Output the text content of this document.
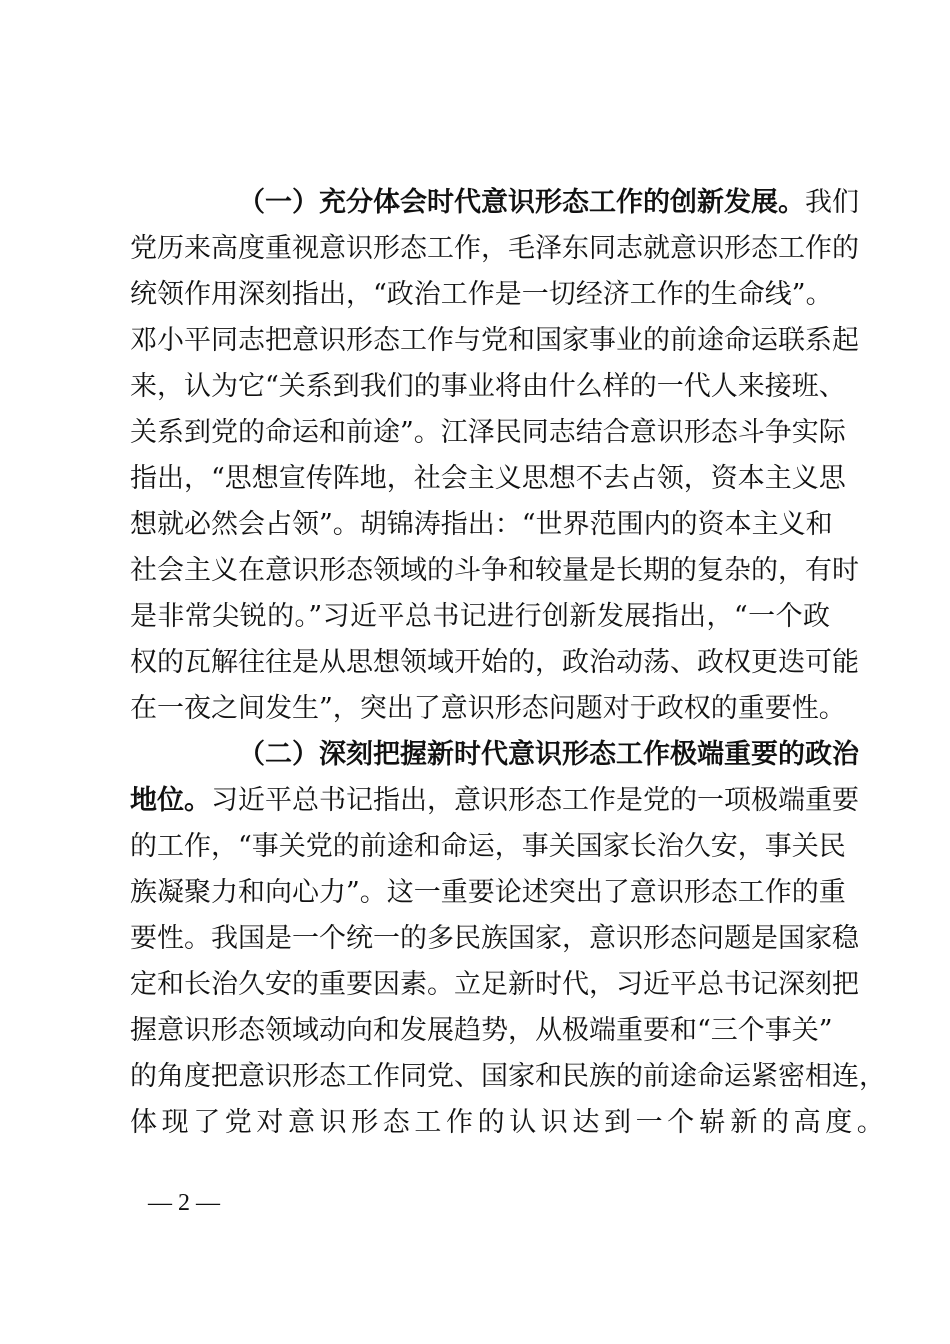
（一）充分体会时代意识形态工作的创新发展。我们
党历来高度重视意识形态工作，毛泽东同志就意识形态工作的
统领作用深刻指出，“政治工作是一切经济工作的生命线”。
邓小平同志把意识形态工作与党和国家事业的前途命运联系起
来，认为它“关系到我们的事业将由什么样的一代人来接班、
关系到党的命运和前途”。江泽民同志结合意识形态斗争实际
指出，“思想宣传阵地，社会主义思想不去占领，资本主义思
想就必然会占领”。胡锦涛指出：“世界范围内的资本主义和
社会主义在意识形态领域的斗争和较量是长期的复杂的，有时
是非常尖锐的。”习近平总书记进行创新发展指出，“一个政
权的瓦解往往是从思想领域开始的，政治动荡、政权更迭可能
在一夜之间发生”，突出了意识形态问题对于政权的重要性。
（二）深刻把握新时代意识形态工作极端重要的政治
地位。习近平总书记指出，意识形态工作是党的一项极端重要
的工作，“事关党的前途和命运，事关国家长治久安，事关民
族凝聚力和向心力”。这一重要论述突出了意识形态工作的重
要性。我国是一个统一的多民族国家，意识形态问题是国家稳
定和长治久安的重要因素。立足新时代，习近平总书记深刻把
握意识形态领域动向和发展趋势，从极端重要和“三个事关”
的角度把意识形态工作同党、国家和民族的前途命运紧密相连，
体现了党对意识形态工作的认识达到一个崭新的高度。
— 2 —
